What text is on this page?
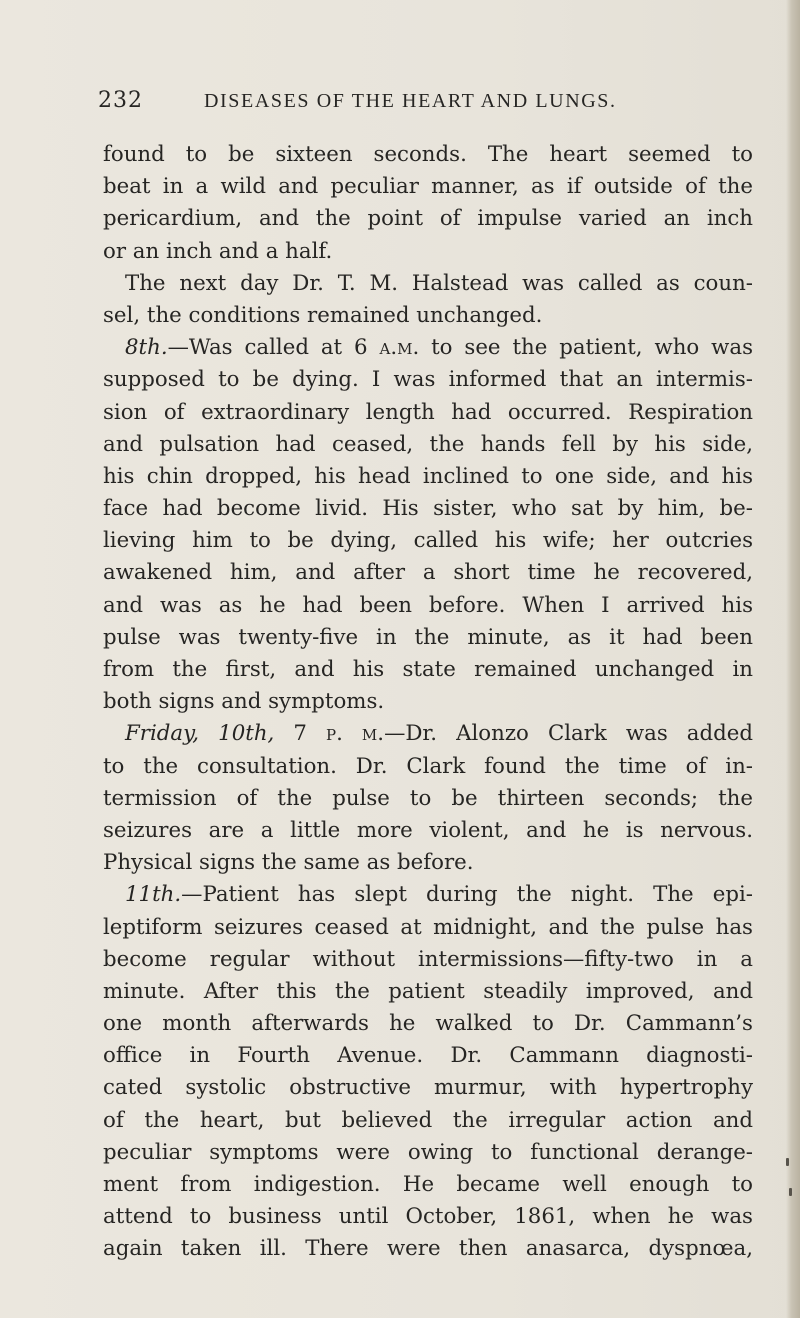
232	DISEASES OF THE HEART AND LUNGS.
found to be sixteen seconds. The heart seemed to
beat in a wild and peculiar manner, as if outside of the
pericardium, and the point of impulse varied an inch
or an inch and a half.
The next day Dr. T. M. Halstead was called as coun-
sel, the conditions remained unchanged.
8th.—Was called at 6 a.m. to see the patient, who was
supposed to be dying. I was informed that an intermis-
sion of extraordinary length had occurred. Respiration
and pulsation had ceased, the hands fell by his side,
his chin dropped, his head inclined to one side, and his
face had become livid. His sister, who sat by him, be-
lieving him to be dying, called his wife; her outcries
awakened him, and after a short time he recovered,
and was as he had been before. When I arrived his
pulse was twenty-five in the minute, as it had been
from the first, and his state remained unchanged in
both signs and symptoms.
Friday, 10th, 7 p. m.—Dr. Alonzo Clark was added
to the consultation. Dr. Clark found the time of in-
termission of the pulse to be thirteen seconds; the
seizures are a little more violent, and he is nervous.
Physical signs the same as before.
11th.—Patient has slept during the night. The epi-
leptiform seizures ceased at midnight, and the pulse has
become regular without intermissions—fifty-two in a
minute. After this the patient steadily improved, and
one month afterwards he walked to Dr. Cammann’s
office in Fourth Avenue. Dr. Cammann diagnosti-
cated systolic obstructive murmur, with hypertrophy
of the heart, but believed the irregular action and
peculiar symptoms were owing to functional derange-
ment from indigestion. He became well enough to
attend to business until October, 1861, when he was
again taken ill. There were then anasarca, dyspnœa,
